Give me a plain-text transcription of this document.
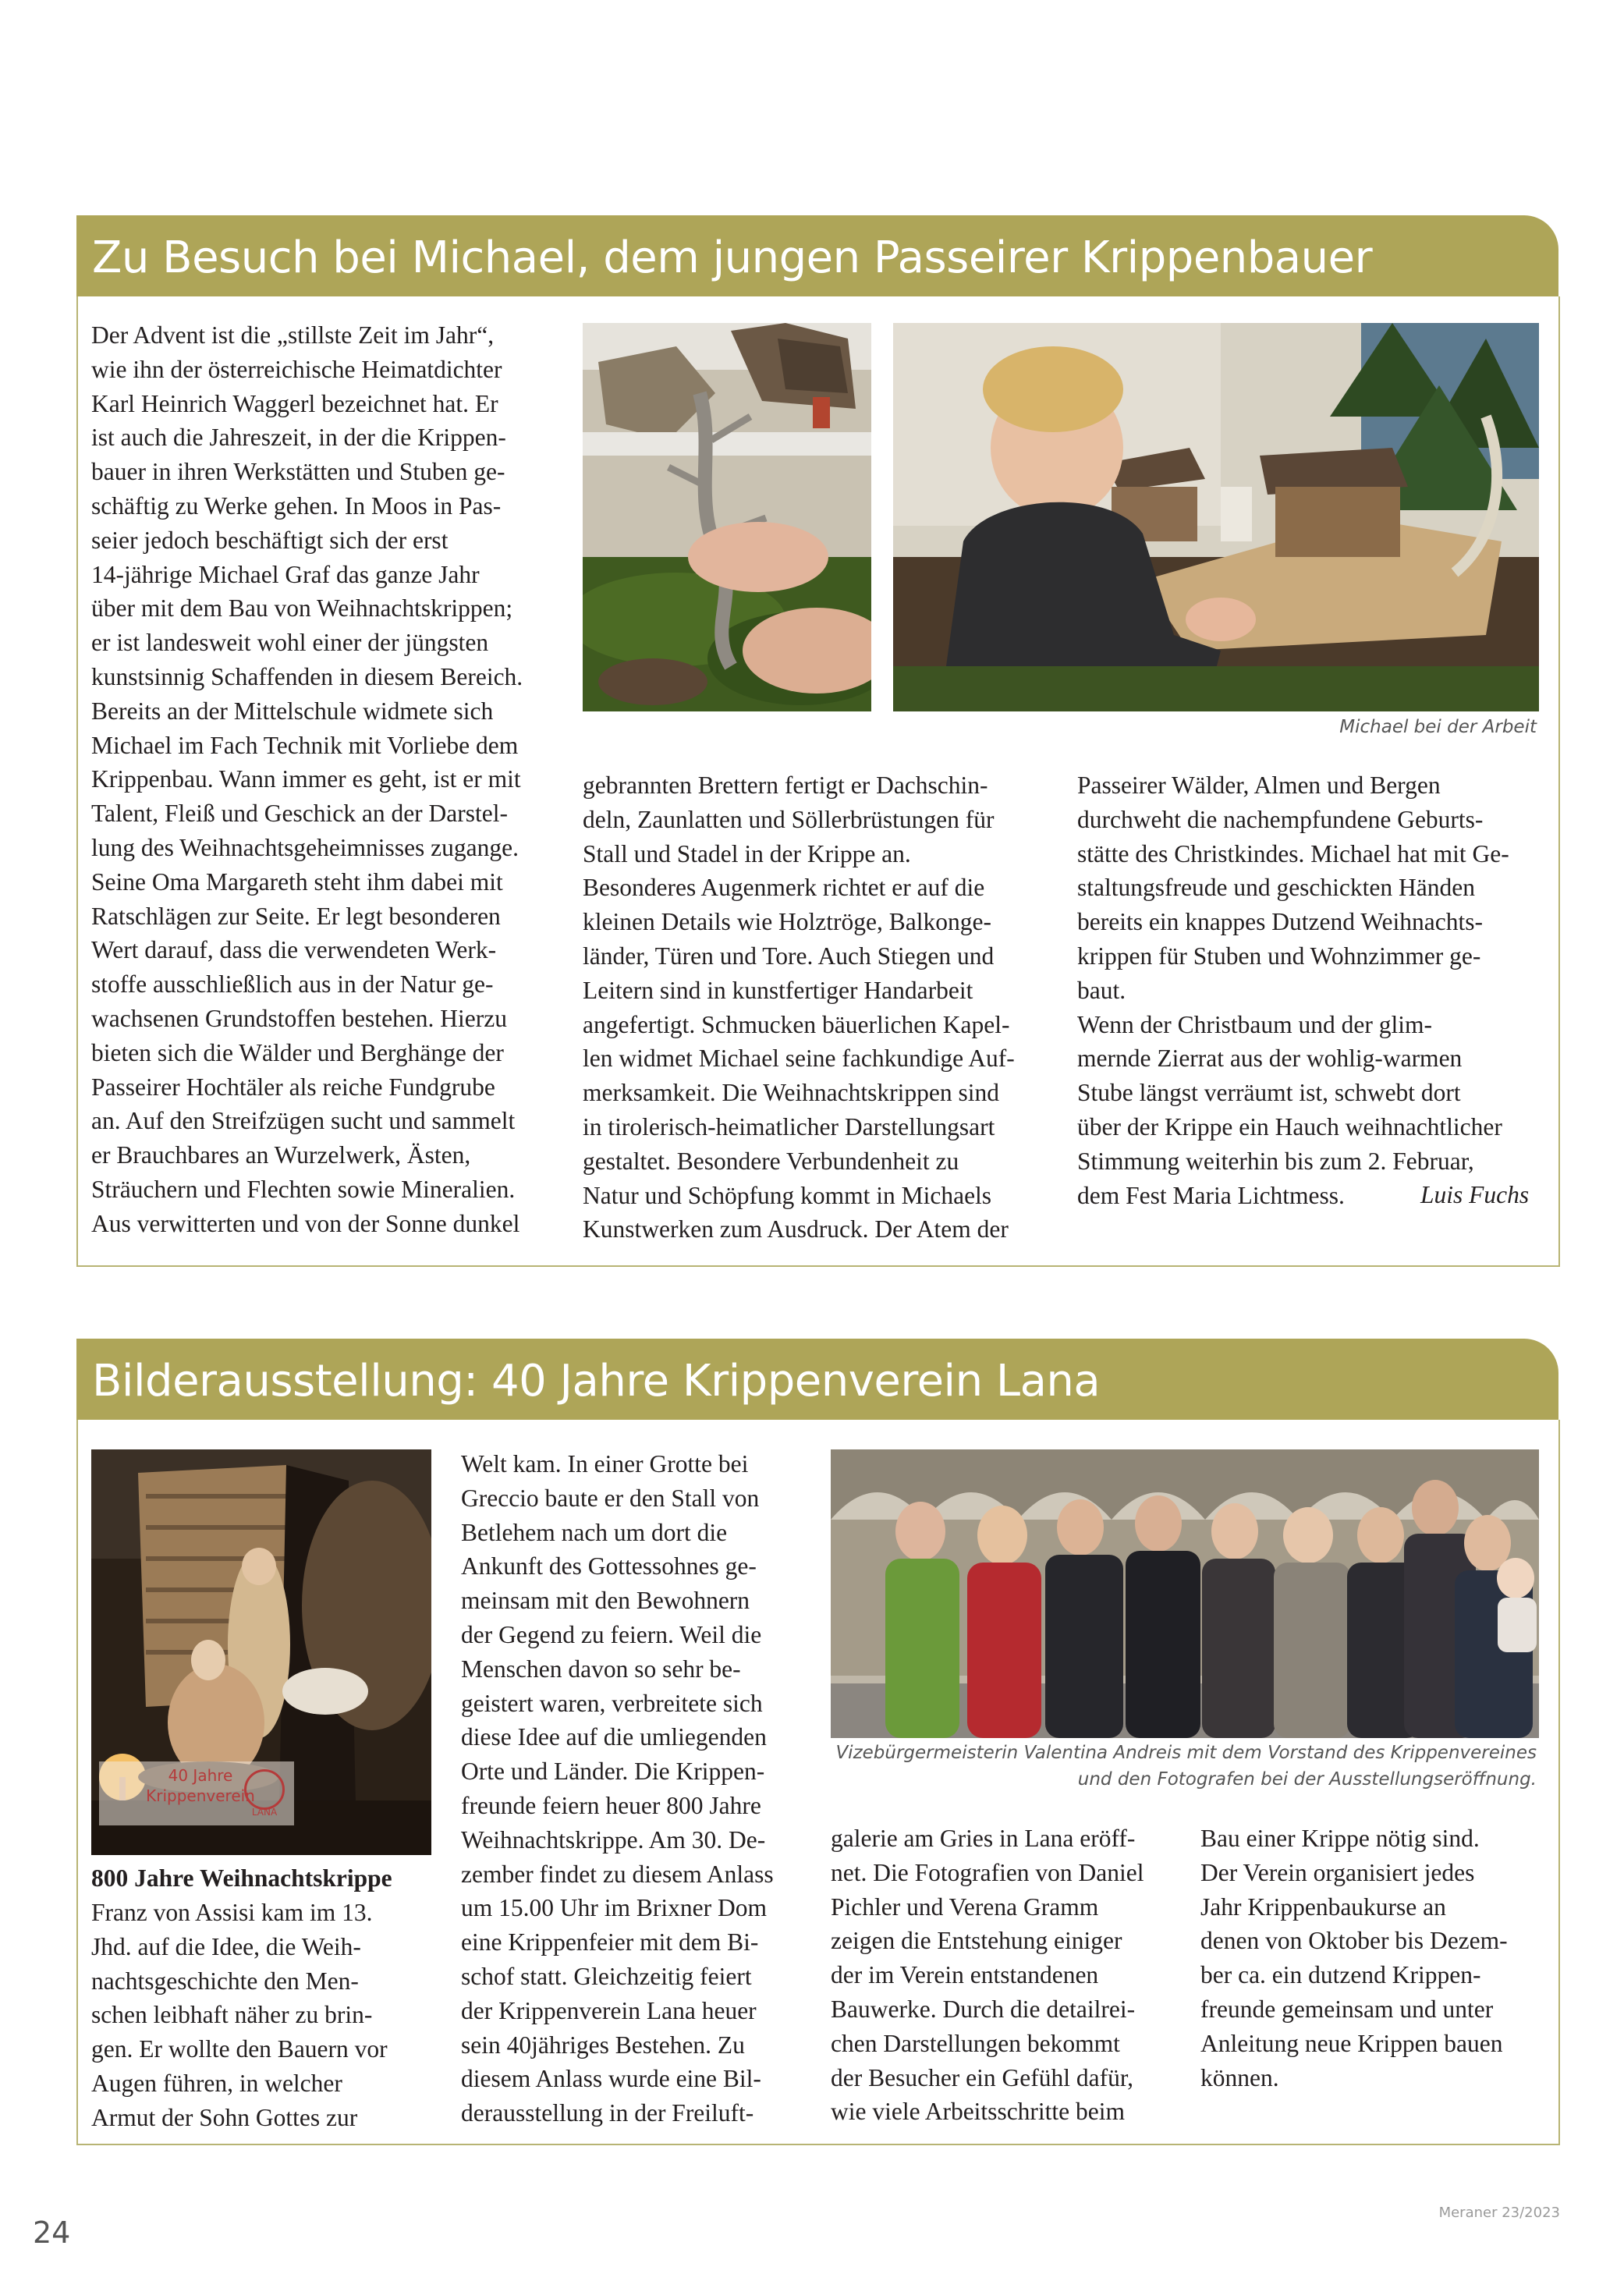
Zu Besuch bei Michael, dem jungen Passeirer Krippenbauer
Der Advent ist die „stillste Zeit im Jahr“,
wie ihn der österreichische Heimatdichter
Karl Heinrich Waggerl bezeichnet hat. Er
ist auch die Jahreszeit, in der die Krippen-
bauer in ihren Werkstätten und Stuben ge-
schäftig zu Werke gehen. In Moos in Pas-
seier jedoch beschäftigt sich der erst
14-jährige Michael Graf das ganze Jahr
über mit dem Bau von Weihnachtskrippen;
er ist landesweit wohl einer der jüngsten
kunstsinnig Schaffenden in diesem Bereich.
Bereits an der Mittelschule widmete sich
Michael im Fach Technik mit Vorliebe dem
Krippenbau. Wann immer es geht, ist er mit
Talent, Fleiß und Geschick an der Darstel-
lung des Weihnachtsgeheimnisses zugange.
Seine Oma Margareth steht ihm dabei mit
Ratschlägen zur Seite. Er legt besonderen
Wert darauf, dass die verwendeten Werk-
stoffe ausschließlich aus in der Natur ge-
wachsenen Grundstoffen bestehen. Hierzu
bieten sich die Wälder und Berghänge der
Passeirer Hochtäler als reiche Fundgrube
an. Auf den Streifzügen sucht und sammelt
er Brauchbares an Wurzelwerk, Ästen,
Sträuchern und Flechten sowie Mineralien.
Aus verwitterten und von der Sonne dunkel
Michael bei der Arbeit
gebrannten Brettern fertigt er Dachschin-
deln, Zaunlatten und Söllerbrüstungen für
Stall und Stadel in der Krippe an.
Besonderes Augenmerk richtet er auf die
kleinen Details wie Holztröge, Balkonge-
länder, Türen und Tore. Auch Stiegen und
Leitern sind in kunstfertiger Handarbeit
angefertigt. Schmucken bäuerlichen Kapel-
len widmet Michael seine fachkundige Auf-
merksamkeit. Die Weihnachtskrippen sind
in tirolerisch-heimatlicher Darstellungsart
gestaltet. Besondere Verbundenheit zu
Natur und Schöpfung kommt in Michaels
Kunstwerken zum Ausdruck. Der Atem der
Passeirer Wälder, Almen und Bergen
durchweht die nachempfundene Geburts-
stätte des Christkindes. Michael hat mit Ge-
staltungsfreude und geschickten Händen
bereits ein knappes Dutzend Weihnachts-
krippen für Stuben und Wohnzimmer ge-
baut.
Wenn der Christbaum und der glim-
mernde Zierrat aus der wohlig-warmen
Stube längst verräumt ist, schwebt dort
über der Krippe ein Hauch weihnachtlicher
Stimmung weiterhin bis zum 2. Februar,
dem Fest Maria Lichtmess.	Luis Fuchs
Bilderausstellung: 40 Jahre Krippenverein Lana
40 Jahre
Krippenverein
LANA
800 Jahre Weihnachtskrippe
Franz von Assisi kam im 13.
Jhd. auf die Idee, die Weih-
nachtsgeschichte den Men-
schen leibhaft näher zu brin-
gen. Er wollte den Bauern vor
Augen führen, in welcher
Armut der Sohn Gottes zur
Welt kam. In einer Grotte bei
Greccio baute er den Stall von
Betlehem nach um dort die
Ankunft des Gottessohnes ge-
meinsam mit den Bewohnern
der Gegend zu feiern. Weil die
Menschen davon so sehr be-
geistert waren, verbreitete sich
diese Idee auf die umliegenden
Orte und Länder. Die Krippen-
freunde feiern heuer 800 Jahre
Weihnachtskrippe. Am 30. De-
zember findet zu diesem Anlass
um 15.00 Uhr im Brixner Dom
eine Krippenfeier mit dem Bi-
schof statt. Gleichzeitig feiert
der Krippenverein Lana heuer
sein 40jähriges Bestehen. Zu
diesem Anlass wurde eine Bil-
derausstellung in der Freiluft-
Vizebürgermeisterin Valentina Andreis mit dem Vorstand des Krippenvereines
und den Fotografen bei der Ausstellungseröffnung.
galerie am Gries in Lana eröff-
net. Die Fotografien von Daniel
Pichler und Verena Gramm
zeigen die Entstehung einiger
der im Verein entstandenen
Bauwerke. Durch die detailrei-
chen Darstellungen bekommt
der Besucher ein Gefühl dafür,
wie viele Arbeitsschritte beim
Bau einer Krippe nötig sind.
Der Verein organisiert jedes
Jahr Krippenbaukurse an
denen von Oktober bis Dezem-
ber ca. ein dutzend Krippen-
freunde gemeinsam und unter
Anleitung neue Krippen bauen
können.
24
Meraner 23/2023
